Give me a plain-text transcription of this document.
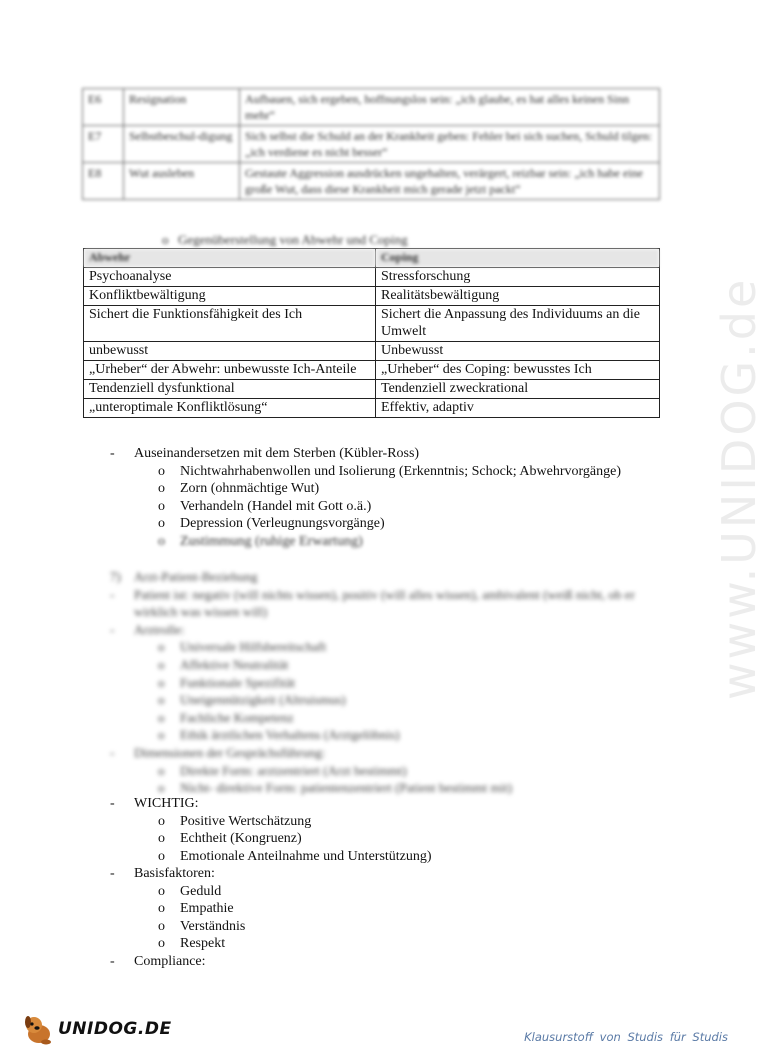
E6	Resignation	Aufbauen, sich ergeben, hoffnungslos sein: „ich glaube, es hat alles keinen Sinn mehr“
E7	Selbstbeschul-digung	Sich selbst die Schuld an der Krankheit geben: Fehler bei sich suchen, Schuld tilgen: „ich verdiene es nicht besser“
E8	Wut ausleben	Gestaute Aggression ausdrücken ungehalten, verärgert, reizbar sein: „ich habe eine große Wut, dass diese Krankheit mich gerade jetzt packt“
o Gegenüberstellung von Abwehr und Coping
Abwehr	Coping
Psychoanalyse	Stressforschung
Konfliktbewältigung	Realitätsbewältigung
Sichert die Funktionsfähigkeit des Ich	Sichert die Anpassung des Individuums an die Umwelt
unbewusst	Unbewusst
„Urheber“ der Abwehr: unbewusste Ich-Anteile	„Urheber“ des Coping: bewusstes Ich
Tendenziell dysfunktional	Tendenziell zweckrational
„unteroptimale Konfliktlösung“	Effektiv, adaptiv
- Auseinandersetzen mit dem Sterben (Kübler-Ross)
o Nichtwahrhabenwollen und Isolierung (Erkenntnis; Schock; Abwehrvorgänge)
o Zorn (ohnmächtige Wut)
o Verhandeln (Handel mit Gott o.ä.)
o Depression (Verleugnungsvorgänge)
o Zustimmung (ruhige Erwartung)
7) Arzt-Patient-Beziehung
- Patient ist: negativ (will nichts wissen), positiv (will alles wissen), ambivalent (weiß nicht, ob er wirklich was wissen will)
- Arztrolle:
o Universale Hilfsbereitschaft
o Affektive Neutralität
o Funktionale Spezifität
o Uneigennützigkeit (Altruismus)
o Fachliche Kompetenz
o Ethik ärztlichen Verhaltens (Arztgelöbnis)
- Dimensionen der Gesprächsführung:
o Direkte Form: arztzentriert (Arzt bestimmt)
o Nicht- direktive Form: patientenzentriert (Patient bestimmt mit)
- WICHTIG:
o Positive Wertschätzung
o Echtheit (Kongruenz)
o Emotionale Anteilnahme und Unterstützung)
- Basisfaktoren:
o Geduld
o Empathie
o Verständnis
o Respekt
- Compliance:
www.UNIDOG.de
UNIDOG.DE	Klausurstoff von Studis für Studis
